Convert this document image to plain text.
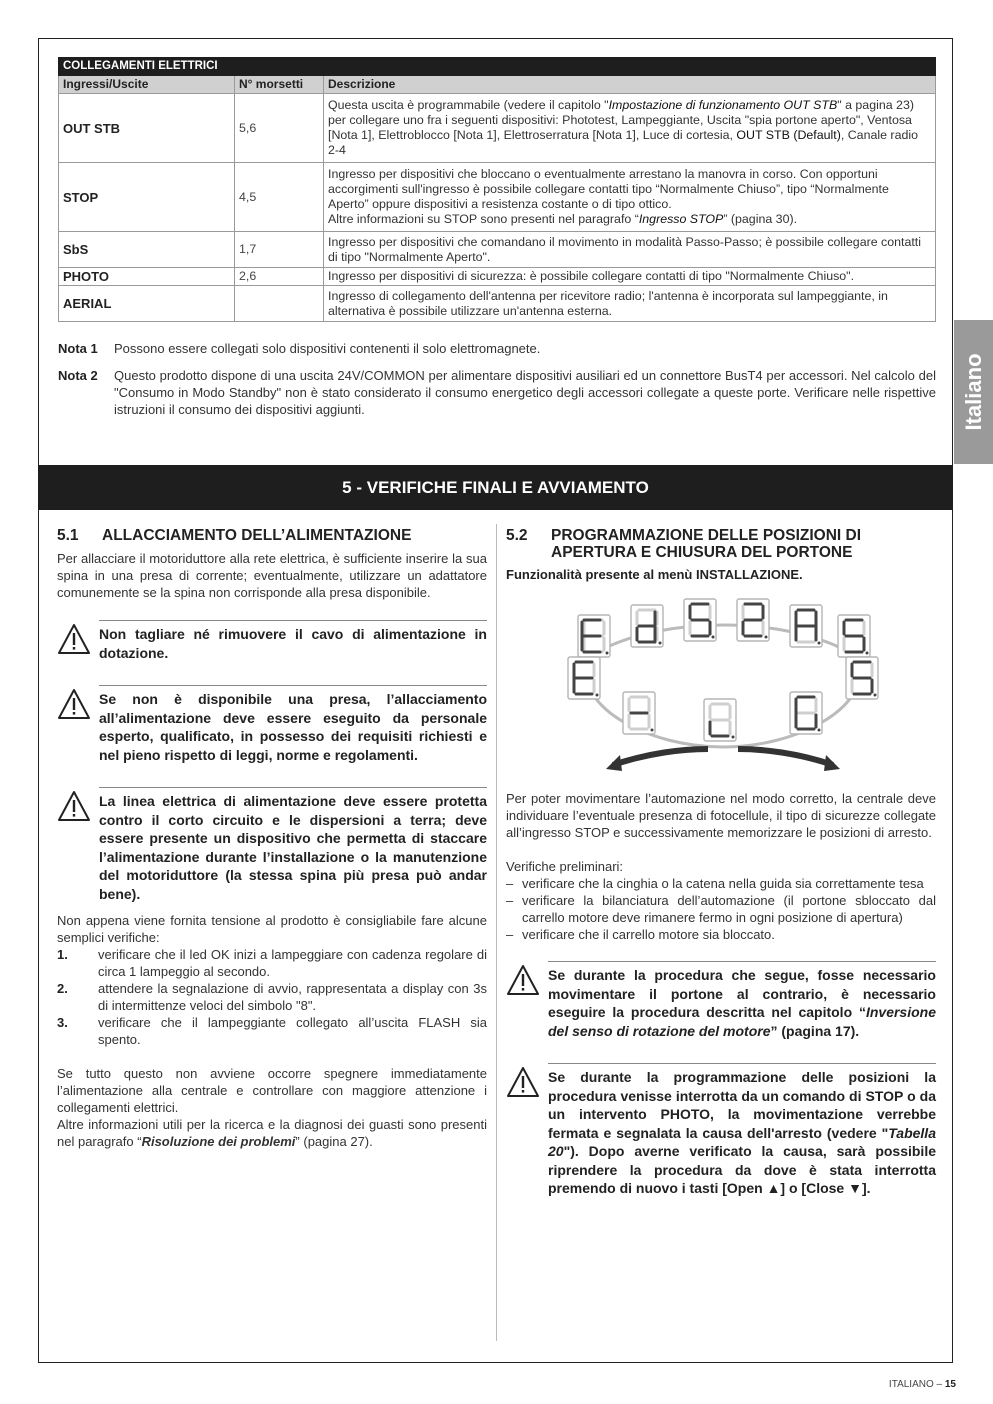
Italiano
COLLEGAMENTI ELETTRICI		
Ingressi/Uscite	N° morsetti	Descrizione
OUT STB	5,6	Questa uscita è programmabile (vedere il capitolo "Impostazione di funzionamento OUT STB" a pagina 23) per collegare uno fra i seguenti dispositivi: Phototest, Lampeggiante, Uscita "spia portone aperto", Ventosa [Nota 1], Elettroblocco [Nota 1], Elettroserratura [Nota 1], Luce di cortesia, OUT STB (Default), Canale radio 2-4
STOP	4,5	Ingresso per dispositivi che bloccano o eventualmente arrestano la manovra in corso. Con opportuni accorgimenti sull'ingresso è possibile collegare contatti tipo “Normalmente Chiuso”, tipo “Normalmente Aperto” oppure dispositivi a resistenza costante o di tipo ottico.
Altre informazioni su STOP sono presenti nel paragrafo “Ingresso STOP” (pagina 30).
SbS	1,7	Ingresso per dispositivi che comandano il movimento in modalità Passo-Passo; è possibile collegare contatti di tipo "Normalmente Aperto".
PHOTO	2,6	Ingresso per dispositivi di sicurezza: è possibile collegare contatti di tipo "Normalmente Chiuso".
AERIAL		Ingresso di collegamento dell'antenna per ricevitore radio; l'antenna è incorporata sul lampeggiante, in alternativa è possibile utilizzare un'antenna esterna.
Nota 1	Possono essere collegati solo dispositivi contenenti il solo elettromagnete.
Nota 2	Questo prodotto dispone di una uscita 24V/COMMON per alimentare dispositivi ausiliari ed un connettore BusT4 per accessori. Nel calcolo del "Consumo in Modo Standby" non è stato considerato il consumo energetico degli accessori collegate a queste porte. Verificare nelle rispettive istruzioni il consumo dei dispositivi aggiunti.
5 - VERIFICHE FINALI E AVVIAMENTO
5.1	ALLACCIAMENTO DELL’ALIMENTAZIONE

Per allacciare il motoriduttore alla rete elettrica, è sufficiente inserire la sua spina in una presa di corrente; eventualmente, utilizzare un adattatore comunemente se la spina non corrisponde alla presa disponibile.

Non tagliare né rimuovere il cavo di alimentazione in dotazione.
Se non è disponibile una presa, l’allacciamento all’alimentazione deve essere eseguito da personale esperto, qualificato, in possesso dei requisiti richiesti e nel pieno rispetto di leggi, norme e regolamenti.
La linea elettrica di alimentazione deve essere protetta contro il corto circuito e le dispersioni a terra; deve essere presente un dispositivo che permetta di staccare l’alimentazione durante l’installazione o la manutenzione del motoriduttore (la stessa spina più presa può andar bene).

Non appena viene fornita tensione al prodotto è consigliabile fare alcune semplici verifiche:

1.	verificare che il led OK inizi a lampeggiare con cadenza regolare di circa 1 lampeggio al secondo.
2.	attendere la segnalazione di avvio, rappresentata a display con 3s di intermittenze veloci del simbolo "8".
3.	verificare che il lampeggiante collegato all’uscita FLASH sia spento.

Se tutto questo non avviene occorre spegnere immediatamente l’alimentazione alla centrale e controllare con maggiore attenzione i collegamenti elettrici.

Altre informazioni utili per la ricerca e la diagnosi dei guasti sono presenti nel paragrafo “Risoluzione dei problemi” (pagina 27).

5.2	PROGRAMMAZIONE DELLE POSIZIONI DI APERTURA E CHIUSURA DEL PORTONE

Funzionalità presente al menù INSTALLAZIONE.

Per poter movimentare l’automazione nel modo corretto, la centrale deve individuare l’eventuale presenza di fotocellule, il tipo di sicurezze collegate all’ingresso STOP e successivamente memorizzare le posizioni di arresto.

Verifiche preliminari:

– verificare che la cinghia o la catena nella guida sia correttamente tesa
– verificare la bilanciatura dell’automazione (il portone sbloccato dal carrello motore deve rimanere fermo in ogni posizione di apertura)
– verificare che il carrello motore sia bloccato.
Se durante la procedura che segue, fosse necessario movimentare il portone al contrario, è necessario eseguire la procedura descritta nel capitolo “Inversione del senso di rotazione del motore” (pagina 17).
Se durante la programmazione delle posizioni la procedura venisse interrotta da un comando di STOP o da un intervento PHOTO, la movimentazione verrebbe fermata e segnalata la causa dell'arresto (vedere "Tabella 20"). Dopo averne verificato la causa, sarà possibile riprendere la procedura da dove è stata interrotta premendo di nuovo i tasti [Open ▲] o [Close ▼].
ITALIANO – 15
